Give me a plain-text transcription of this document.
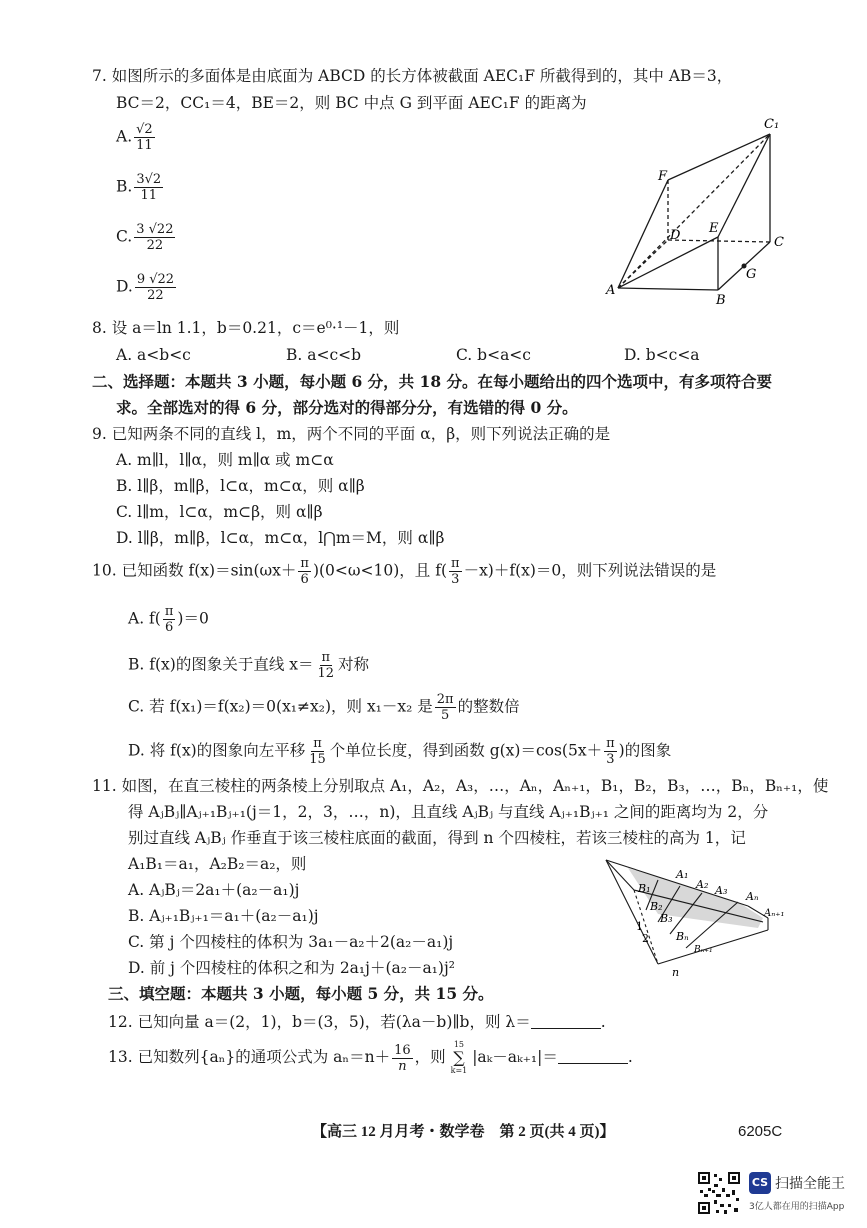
7. 如图所示的多面体是由底面为 ABCD 的长方体被截面 AEC₁F 所截得到的，其中 AB＝3，
BC＝2，CC₁＝4，BE＝2，则 BC 中点 G 到平面 AEC₁F 的距离为
A. $\frac{√2}{11}$
B. $\frac{3√2}{11}$
C. $\frac{3 √22}{22}$
D. $\frac{9 √22}{22}$
C₁
F
D E
C
G
A
B
8. 设 a＝ln 1.1，b＝0.21，c＝e⁰·¹－1，则
A. a<b<c	B. a<c<b	C. b<a<c	D. b<c<a
二、选择题：本题共 3 小题，每小题 6 分，共 18 分。在每小题给出的四个选项中，有多项符合要
求。全部选对的得 6 分，部分选对的得部分分，有选错的得 0 分。
9. 已知两条不同的直线 l，m，两个不同的平面 α，β，则下列说法正确的是
A. m∥l，l∥α，则 m∥α 或 m⊂α
B. l∥β，m∥β，l⊂α，m⊂α，则 α∥β
C. l∥m，l⊂α，m⊂β，则 α∥β
D. l∥β，m∥β，l⊂α，m⊂α，l⋂m＝M，则 α∥β
10. 已知函数 $f(x)=\sin(\omega x+ \frac{\pi}{6} )(0<\omega<10)$，且 $f( \frac{\pi}{3} -x)+f(x)=0$，则下列说法错误的是
A. $f( \frac{\pi}{6} )=0$
B. f(x)的图象关于直线 $x= \frac{\pi}{12}$ 对称
C. 若 f(x₁)＝f(x₂)＝0(x₁≠x₂)，则 x₁－x₂ 是 $\frac{2\pi}{5}$ 的整数倍
D. 将 f(x)的图象向左平移 $\frac{\pi}{15}$ 个单位长度，得到函数 $g(x)=\cos(5x+ \frac{\pi}{3}$ )的图象
11. 如图，在直三棱柱的两条棱上分别取点 A₁，A₂，A₃，…，Aₙ，Aₙ₊₁，B₁，B₂，B₃，…，Bₙ，Bₙ₊₁，使
得 AⱼBⱼ∥Aⱼ₊₁Bⱼ₊₁(j＝1，2，3，…，n)，且直线 AⱼBⱼ 与直线 Aⱼ₊₁Bⱼ₊₁ 之间的距离均为 2，分
别过直线 AⱼBⱼ 作垂直于该三棱柱底面的截面，得到 n 个四棱柱，若该三棱柱的高为 1，记
A₁B₁＝a₁，A₂B₂＝a₂，则
A. AⱼBⱼ＝2a₁＋(a₂－a₁)j
B. Aⱼ₊₁Bⱼ₊₁＝a₁＋(a₂－a₁)j
C. 第 j 个四棱柱的体积为 3a₁－a₂＋2(a₂－a₁)j
D. 前 j 个四棱柱的体积之和为 2a₁j＋(a₂－a₁)j²
A₁
A₂ A₃ Aₙ
Aₙ₊₁
B₁
B₂
B₃
Bₙ
Bₙ₊₁
1
2
n
三、填空题：本题共 3 小题，每小题 5 分，共 15 分。
12. 已知向量 a＝(2，1)，b＝(3，5)，若(λa－b)∥b，则 λ＝	.
13. 已知数列{aₙ}的通项公式为 $a_n=n+ \frac{16}{n}$ ，则
15
∑
k=1
|aₖ－aₖ₊₁|＝	.
【高三 12 月月考・数学卷　第 2 页(共 4 页)】	6205C
CS 扫描全能王
3亿人都在用的扫描App
